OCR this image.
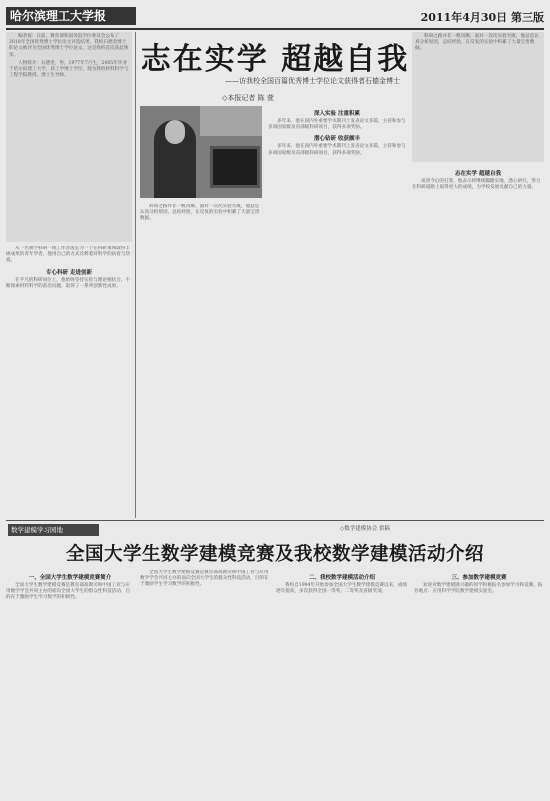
哈尔滨理工大学报	2011年4月30日 第三版

编者按：日前，教育部和国务院学位委员会公布了2010年全国优秀博士学位论文评选结果，我校石德金博士的论文被评为全国优秀博士学位论文。这是我校首次获此殊荣。

人物简介：石德金，男，1977年7月生，2005年毕业于哈尔滨理工大学，获工学博士学位，现为我校材料科学与工程学院教授、博士生导师。

从一名教学科研一线工作者成长为一个在科研领域取得丰硕成果的青年学者，他用自己的方式诠释着对科学的执着与热爱。

专心科研 走进创新

在平凡的科研岗位上，他始终坚持实验与理论相结合，不断探索材料科学的前沿问题，取得了一系列创新性成果。

志在实学 超越自我
——访我校全国百篇优秀博士学位论文获得者石德金博士
◇本报记者 陈 萱

科研之路并非一帆风顺，面对一次次实验失败，他总是认真分析原因，总结经验，在反复的实验中积累了大量宝贵数据。

科研之路并非一帆风顺，面对一次次实验失败，他总是认真分析原因，总结经验，在反复的实验中积累了大量宝贵数据。

深入实验 注重积累

多年来，他在国内外重要学术期刊上发表论文多篇，主持和参与多项国家级及省部级科研项目，获得多项奖励。

潜心钻研 收获颇丰

多年来，他在国内外重要学术期刊上发表论文多篇，主持和参与多项国家级及省部级科研项目，获得多项奖励。

志在实学 超越自我

谈到今后的打算，他表示将继续脚踏实地，潜心研究，努力在科研道路上取得更大的成绩，为学校发展贡献自己的力量。

数学建模学习园地	◇数学建模协会 供稿
全国大学生数学建模竞赛及我校数学建模活动介绍
一、全国大学生数学建模竞赛简介

全国大学生数学建模竞赛是教育部高教司和中国工业与应用数学学会共同主办的面向全国大学生的群众性科技活动，目的在于激励学生学习数学的积极性。

全国大学生数学建模竞赛是教育部高教司和中国工业与应用数学学会共同主办的面向全国大学生的群众性科技活动，目的在于激励学生学习数学的积极性。

二、我校数学建模活动介绍

我校自1994年开始参加全国大学生数学建模竞赛以来，成绩逐年提高，多次获得全国一等奖、二等奖及省级奖项。

三、参加数学建模竞赛

欢迎对数学建模感兴趣的同学积极报名参加学习和竞赛。报名地点：应用科学学院数学建模实验室。
